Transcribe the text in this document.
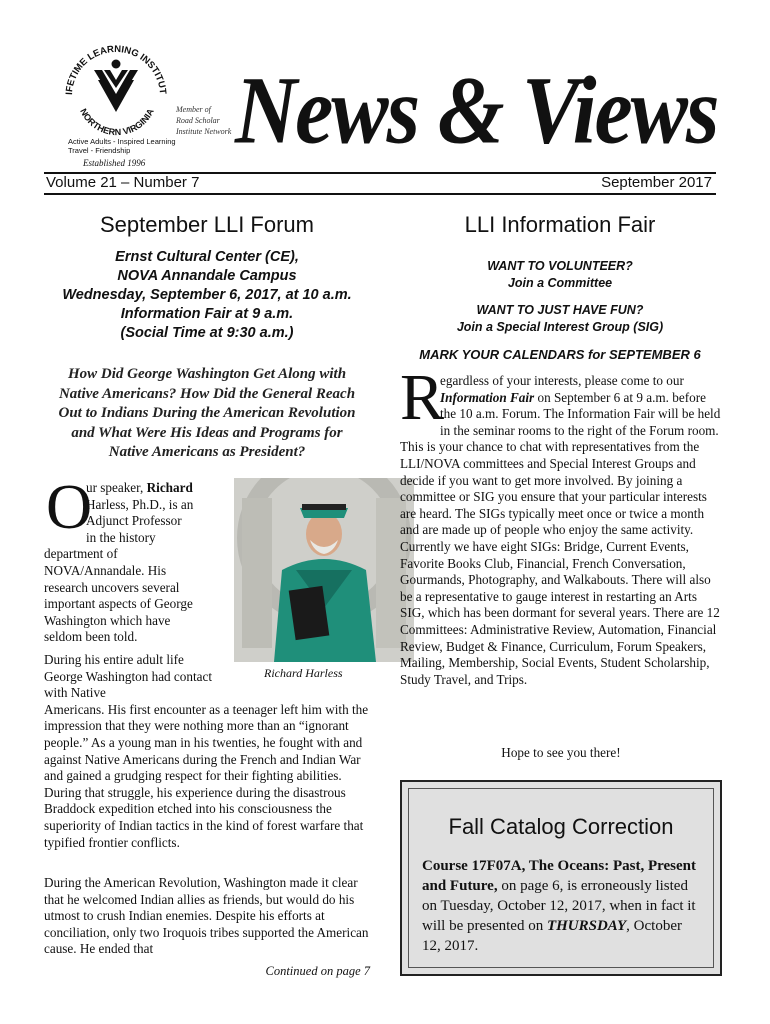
IFETIME LEARNING INSTITUT
NORTHERN VIRGINIA
Active Adults - Inspired Learning Travel - Friendship
Established 1996
Member of
Road Scholar
Institute Network News & Views
Volume 21 – Number 7	September 2017
September LLI Forum
Ernst Cultural Center (CE),
NOVA Annandale Campus
Wednesday, September 6, 2017, at 10 a.m.
Information Fair at 9 a.m.
(Social Time at 9:30 a.m.)
How Did George Washington Get Along with Native Americans? How Did the General Reach Out to Indians During the American Revolution and What Were His Ideas and Programs for Native Americans as President?
O
ur speaker, Richard
Harless, Ph.D., is an
Adjunct Professor
in the history
department of NOVA/Annandale. His research uncovers several important aspects of George Washington which have seldom been told.
Richard Harless
During his entire adult life George Washington had contact with Native
Americans. His first encounter as a teenager left him with the impression that they were nothing more than an “ignorant people.” As a young man in his twenties, he fought with and against Native Americans during the French and Indian War and gained a grudging respect for their fighting abilities. During that struggle, his experience during the disastrous Braddock expedition etched into his consciousness the superiority of Indian tactics in the kind of forest warfare that typified frontier conflicts.
During the American Revolution, Washington made it clear that he welcomed Indian allies as friends, but would do his utmost to crush Indian enemies. Despite his efforts at conciliation, only two Iroquois tribes supported the American cause. He ended that
Continued on page 7
LLI Information Fair
WANT TO VOLUNTEER?
Join a Committee
WANT TO JUST HAVE FUN?
Join a Special Interest Group (SIG)
MARK YOUR CALENDARS for SEPTEMBER 6
R
egardless of your interests, please come to our Information Fair on September 6 at 9 a.m. before the 10 a.m. Forum. The Information Fair will be held in the seminar rooms to the right of the Forum room. This is your chance to chat with representatives from the LLI/NOVA committees and Special Interest Groups and decide if you want to get more involved. By joining a committee or SIG you ensure that your particular interests are heard. The SIGs typically meet once or twice a month and are made up of people who enjoy the same activity. Currently we have eight SIGs: Bridge, Current Events, Favorite Books Club, Financial, French Conversation, Gourmands, Photography, and Walkabouts. There will also be a representative to gauge interest in restarting an Arts SIG, which has been dormant for several years. There are 12 Committees: Administrative Review, Automation, Financial Review, Budget & Finance, Curriculum, Forum Speakers, Mailing, Membership, Social Events, Student Scholarship, Study Travel, and Trips.
Hope to see you there!
Fall Catalog Correction
Course 17F07A, The Oceans: Past, Present and Future, on page 6, is erroneously listed on Tuesday, October 12, 2017, when in fact it will be presented on THURSDAY, October 12, 2017.
